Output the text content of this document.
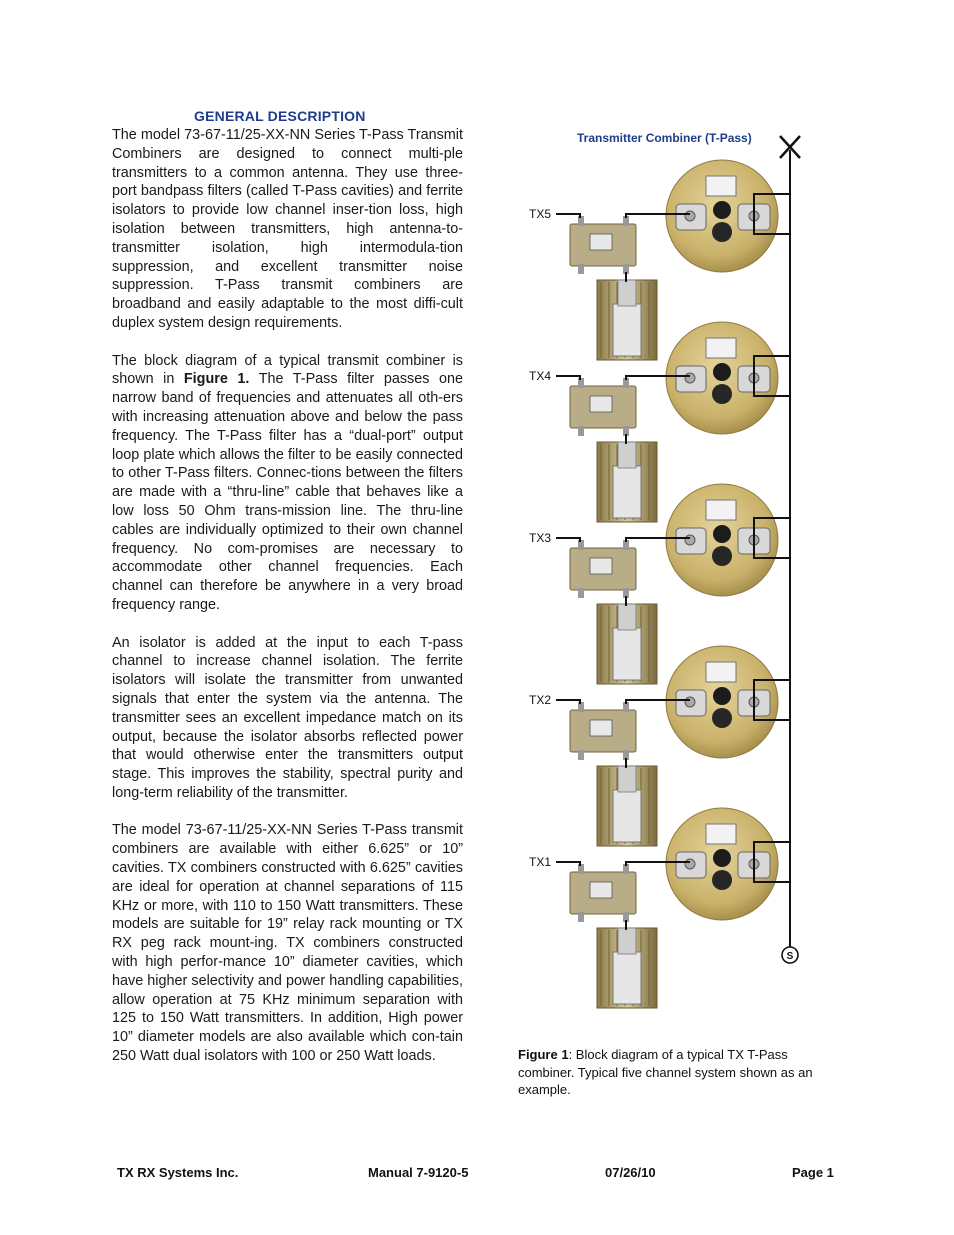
GENERAL DESCRIPTION

The model 73-67-11/25-XX-NN Series T-Pass Transmit Combiners are designed to connect multi-ple transmitters to a common antenna. They use three-port bandpass filters (called T-Pass cavities) and ferrite isolators to provide low channel inser-tion loss, high isolation between transmitters, high antenna-to-transmitter isolation, high intermodula-tion suppression, and excellent transmitter noise suppression. T-Pass transmit combiners are broadband and easily adaptable to the most diffi-cult duplex system design requirements.

The block diagram of a typical transmit combiner is shown in Figure 1. The T-Pass filter passes one narrow band of frequencies and attenuates all oth-ers with increasing attenuation above and below the pass frequency. The T-Pass filter has a “dual-port” output loop plate which allows the filter to be easily connected to other T-Pass filters. Connec-tions between the filters are made with a “thru-line” cable that behaves like a low loss 50 Ohm trans-mission line. The thru-line cables are individually optimized to their own channel frequency. No com-promises are necessary to accommodate other channel frequencies. Each channel can therefore be anywhere in a very broad frequency range.

An isolator is added at the input to each T-pass channel to increase channel isolation. The ferrite isolators will isolate the transmitter from unwanted signals that enter the system via the antenna. The transmitter sees an excellent impedance match on its output, because the isolator absorbs reflected power that would otherwise enter the transmitters output stage. This improves the stability, spectral purity and long-term reliability of the transmitter.

The model 73-67-11/25-XX-NN Series T-Pass transmit combiners are available with either 6.625” or 10” cavities. TX combiners constructed with 6.625” cavities are ideal for operation at channel separations of 115 KHz or more, with 110 to 150 Watt transmitters. These models are suitable for 19” relay rack mounting or TX RX peg rack mount-ing. TX combiners constructed with high perfor-mance 10” diameter cavities, which have higher selectivity and power handling capabilities, allow operation at 75 KHz minimum separation with 125 to 150 Watt transmitters. In addition, High power 10” diameter models are also available which con-tain 250 Watt dual isolators with 100 or 250 Watt loads.

Transmitter Combiner (T-Pass)
S
TX5
TX4
TX3
TX2
TX1
Figure 1: Block diagram of a typical TX T-Pass combiner. Typical five channel system shown as an example.
TX RX Systems Inc.	Manual 7-9120-5	07/26/10	Page 1
